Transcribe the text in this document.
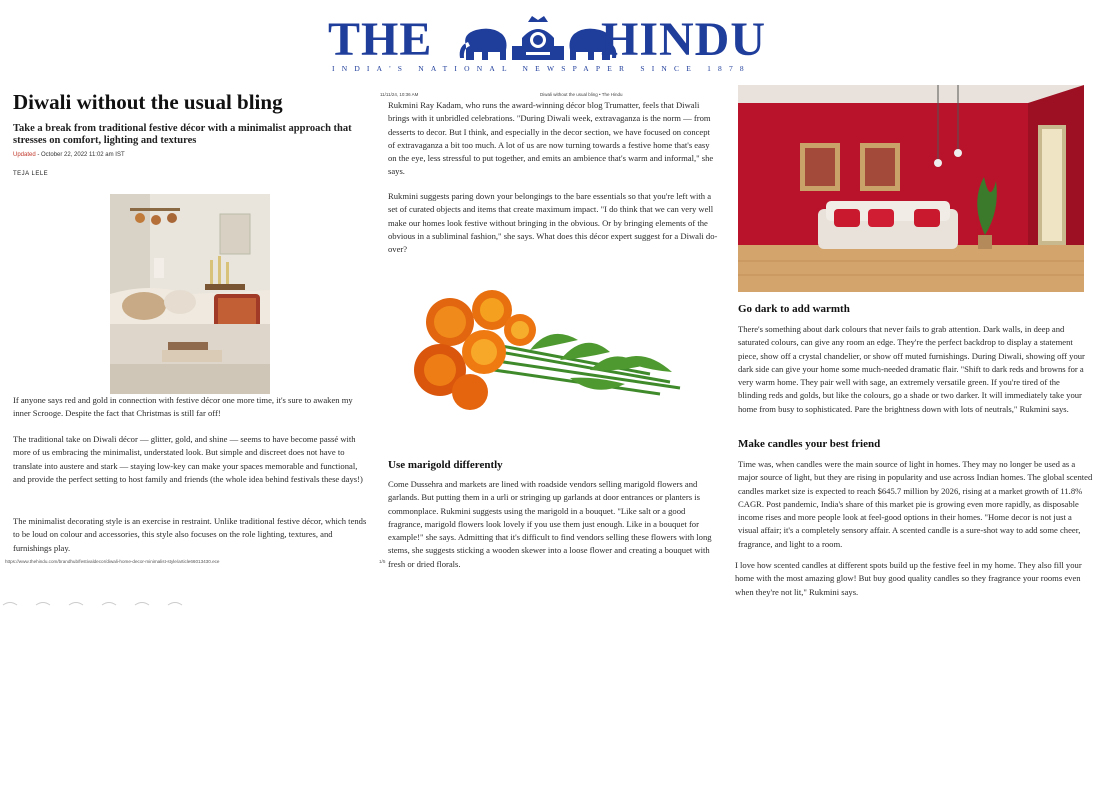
THE	HINDU
INDIA'S NATIONAL NEWSPAPER SINCE 1878
Diwali without the usual bling

Take a break from traditional festive décor with a minimalist approach that stresses on comfort, lighting and textures

Updated - October 22, 2022 11:02 am IST
TEJA LELE

If anyone says red and gold in connection with festive décor one more time, it's sure to awaken my inner Scrooge. Despite the fact that Christmas is still far off!

The traditional take on Diwali décor — glitter, gold, and shine — seems to have become passé with more of us embracing the minimalist, understated look. But simple and discreet does not have to translate into austere and stark — staying low-key can make your spaces memorable and functional, and provide the perfect setting to host family and friends (the whole idea behind festivals these days!)

The minimalist decorating style is an exercise in restraint. Unlike traditional festive décor, which tends to be loud on colour and accessories, this style also focuses on the role lighting, textures, and furnishings play.

https://www.thehindu.com/brandhub/festivaldecor/diwali-home-decor-minimalist-style/article66013430.ece	1/5
11/11/24, 10:36 AM	Diwali without the usual bling • The Hindu

Rukmini Ray Kadam, who runs the award-winning décor blog Trumatter, feels that Diwali brings with it unbridled celebrations. "During Diwali week, extravaganza is the norm — from desserts to decor. But I think, and especially in the decor section, we have focused on concept of extravaganza a bit too much. A lot of us are now turning towards a festive home that's easy on the eye, less stressful to put together, and emits an ambience that's warm and informal," she says.

Rukmini suggests paring down your belongings to the bare essentials so that you're left with a set of curated objects and items that create maximum impact. "I do think that we can very well make our homes look festive without bringing in the obvious. Or by bringing elements of the obvious in a subliminal fashion," she says. What does this décor expert suggest for a Diwali do-over?

Use marigold differently

Come Dussehra and markets are lined with roadside vendors selling marigold flowers and garlands. But putting them in a urli or stringing up garlands at door entrances or planters is commonplace. Rukmini suggests using the marigold in a bouquet. "Like salt or a good fragrance, marigold flowers look lovely if you use them just enough. Like in a bouquet for example!" she says. Admitting that it's difficult to find vendors selling these flowers with long stems, she suggests sticking a wooden skewer into a loose flower and creating a bouquet with fresh or dried florals.

Go dark to add warmth

There's something about dark colours that never fails to grab attention. Dark walls, in deep and saturated colours, can give any room an edge. They're the perfect backdrop to display a statement piece, show off a crystal chandelier, or show off muted furnishings. During Diwali, showing off your dark side can give your home some much-needed dramatic flair. "Shift to dark reds and browns for a very warm home. They pair well with sage, an extremely versatile green. If you're tired of the blinding reds and golds, but like the colours, go a shade or two darker. It will immediately take your home from busy to sophisticated. Pare the brightness down with lots of neutrals," Rukmini says.

Make candles your best friend

Time was, when candles were the main source of light in homes. They may no longer be used as a major source of light, but they are rising in popularity and use across Indian homes. The global scented candles market size is expected to reach $645.7 million by 2026, rising at a market growth of 11.8% CAGR. Post pandemic, India's share of this market pie is growing even more rapidly, as disposable income rises and more people look at feel-good options in their homes. "Home decor is not just a visual affair; it's a completely sensory affair. A scented candle is a sure-shot way to add some cheer, fragrance, and light to a room.

I love how scented candles at different spots build up the festive feel in my home. They also fill your home with the most amazing glow! But buy good quality candles so they fragrance your rooms even when they're not lit," Rukmini says.
